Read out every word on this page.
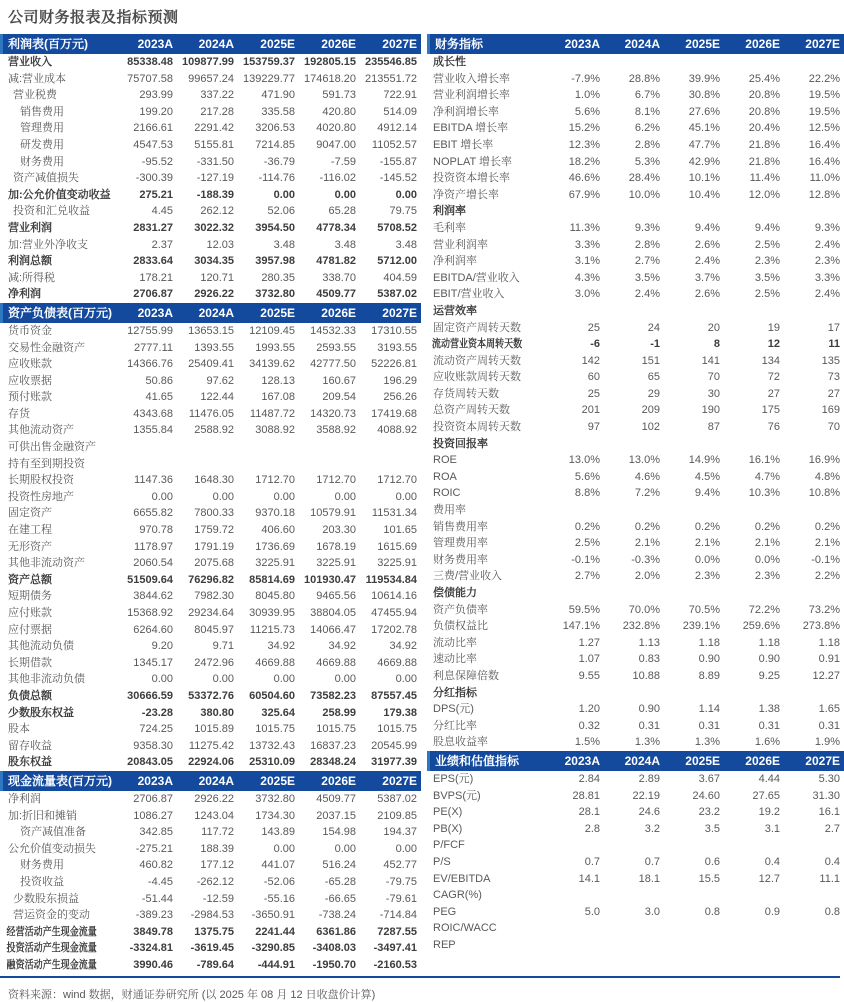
公司财务报表及指标预测
利润表(百万元)	2023A	2024A	2025E	2026E	2027E
营业收入	85338.48 109877.99 153759.37 192805.15 235546.85
减:营业成本	75707.58	99657.24 139229.77 174618.20 213551.72
营业税费	293.99	337.22	471.90	591.73	722.91
销售费用	199.20	217.28	335.58	420.80	514.09
管理费用	2166.61	2291.42	3206.53	4020.80	4912.14
研发费用	4547.53	5155.81	7214.85	9047.00	11052.57
财务费用	-95.52	-331.50	-36.79	-7.59	-155.87
资产减值损失	-300.39	-127.19	-114.76	-116.02	-145.52
加:公允价值变动收益	275.21	-188.39	0.00	0.00	0.00
投资和汇兑收益	4.45	262.12	52.06	65.28	79.75
营业利润	2831.27	3022.32	3954.50	4778.34	5708.52
加:营业外净收支	2.37	12.03	3.48	3.48	3.48
利润总额	2833.64	3034.35	3957.98	4781.82	5712.00
减:所得税	178.21	120.71	280.35	338.70	404.59
净利润	2706.87	2926.22	3732.80	4509.77	5387.02
资产负债表(百万元)	2023A	2024A	2025E	2026E	2027E
货币资金	12755.99	13653.15	12109.45	14532.33	17310.55
交易性金融资产	2777.11	1393.55	1993.55	2593.55	3193.55
应收账款	14366.76	25409.41	34139.62	42777.50	52226.81
应收票据	50.86	97.62	128.13	160.67	196.29
预付账款	41.65	122.44	167.08	209.54	256.26
存货	4343.68	11476.05	11487.72	14320.73	17419.68
其他流动资产	1355.84	2588.92	3088.92	3588.92	4088.92
可供出售金融资产
持有至到期投资
长期股权投资	1147.36	1648.30	1712.70	1712.70	1712.70
投资性房地产	0.00	0.00	0.00	0.00	0.00
固定资产	6655.82	7800.33	9370.18	10579.91	11531.34
在建工程	970.78	1759.72	406.60	203.30	101.65
无形资产	1178.97	1791.19	1736.69	1678.19	1615.69
其他非流动资产	2060.54	2075.68	3225.91	3225.91	3225.91
资产总额	51509.64	76296.82	85814.69 101930.47 119534.84
短期债务	3844.62	7982.30	8045.80	9465.56	10614.16
应付账款	15368.92	29234.64	30939.95	38804.05	47455.94
应付票据	6264.60	8045.97	11215.73	14066.47	17202.78
其他流动负债	9.20	9.71	34.92	34.92	34.92
长期借款	1345.17	2472.96	4669.88	4669.88	4669.88
其他非流动负债	0.00	0.00	0.00	0.00	0.00
负债总额	30666.59	53372.76	60504.60	73582.23	87557.45
少数股东权益	-23.28	380.80	325.64	258.99	179.38
股本	724.25	1015.89	1015.75	1015.75	1015.75
留存收益	9358.30	11275.42	13732.43	16837.23	20545.99
股东权益	20843.05	22924.06	25310.09	28348.24	31977.39
现金流量表(百万元)	2023A	2024A	2025E	2026E	2027E
净利润	2706.87	2926.22	3732.80	4509.77	5387.02
加:折旧和摊销	1086.27	1243.04	1734.30	2037.15	2109.85
资产减值准备	342.85	117.72	143.89	154.98	194.37
公允价值变动损失	-275.21	188.39	0.00	0.00	0.00
财务费用	460.82	177.12	441.07	516.24	452.77
投资收益	-4.45	-262.12	-52.06	-65.28	-79.75
少数股东损益	-51.44	-12.59	-55.16	-66.65	-79.61
营运资金的变动	-389.23	-2984.53	-3650.91	-738.24	-714.84
经营活动产生现金流量	3849.78	1375.75	2241.44	6361.86	7287.55
投资活动产生现金流量	-3324.81	-3619.45	-3290.85	-3408.03	-3497.41
融资活动产生现金流量	3990.46	-789.64	-444.91	-1950.70	-2160.53
财务指标	2023A	2024A	2025E	2026E	2027E
成长性
营业收入增长率	-7.9%	28.8%	39.9%	25.4%	22.2%
营业利润增长率	1.0%	6.7%	30.8%	20.8%	19.5%
净利润增长率	5.6%	8.1%	27.6%	20.8%	19.5%
EBITDA 增长率	15.2%	6.2%	45.1%	20.4%	12.5%
EBIT 增长率	12.3%	2.8%	47.7%	21.8%	16.4%
NOPLAT 增长率	18.2%	5.3%	42.9%	21.8%	16.4%
投资资本增长率	46.6%	28.4%	10.1%	11.4%	11.0%
净资产增长率	67.9%	10.0%	10.4%	12.0%	12.8%
利润率
毛利率	11.3%	9.3%	9.4%	9.4%	9.3%
营业利润率	3.3%	2.8%	2.6%	2.5%	2.4%
净利润率	3.1%	2.7%	2.4%	2.3%	2.3%
EBITDA/营业收入	4.3%	3.5%	3.7%	3.5%	3.3%
EBIT/营业收入	3.0%	2.4%	2.6%	2.5%	2.4%
运营效率
固定资产周转天数	25	24	20	19	17
流动营业资本周转天数	-6	-1	8	12	11
流动资产周转天数	142	151	141	134	135
应收账款周转天数	60	65	70	72	73
存货周转天数	25	29	30	27	27
总资产周转天数	201	209	190	175	169
投资资本周转天数	97	102	87	76	70
投资回报率
ROE	13.0%	13.0%	14.9%	16.1%	16.9%
ROA	5.6%	4.6%	4.5%	4.7%	4.8%
ROIC	8.8%	7.2%	9.4%	10.3%	10.8%
费用率
销售费用率	0.2%	0.2%	0.2%	0.2%	0.2%
管理费用率	2.5%	2.1%	2.1%	2.1%	2.1%
财务费用率	-0.1%	-0.3%	0.0%	0.0%	-0.1%
三费/营业收入	2.7%	2.0%	2.3%	2.3%	2.2%
偿债能力
资产负债率	59.5%	70.0%	70.5%	72.2%	73.2%
负债权益比	147.1%	232.8%	239.1%	259.6%	273.8%
流动比率	1.27	1.13	1.18	1.18	1.18
速动比率	1.07	0.83	0.90	0.90	0.91
利息保障倍数	9.55	10.88	8.89	9.25	12.27
分红指标
DPS(元)	1.20	0.90	1.14	1.38	1.65
分红比率	0.32	0.31	0.31	0.31	0.31
股息收益率	1.5%	1.3%	1.3%	1.6%	1.9%
业绩和估值指标	2023A	2024A	2025E	2026E	2027E
EPS(元)	2.84	2.89	3.67	4.44	5.30
BVPS(元)	28.81	22.19	24.60	27.65	31.30
PE(X)	28.1	24.6	23.2	19.2	16.1
PB(X)	2.8	3.2	3.5	3.1	2.7
P/FCF
P/S	0.7	0.7	0.6	0.4	0.4
EV/EBITDA	14.1	18.1	15.5	12.7	11.1
CAGR(%)
PEG	5.0	3.0	0.8	0.9	0.8
ROIC/WACC
REP
资料来源：wind 数据，财通证券研究所 (以 2025 年 08 月 12 日收盘价计算)
